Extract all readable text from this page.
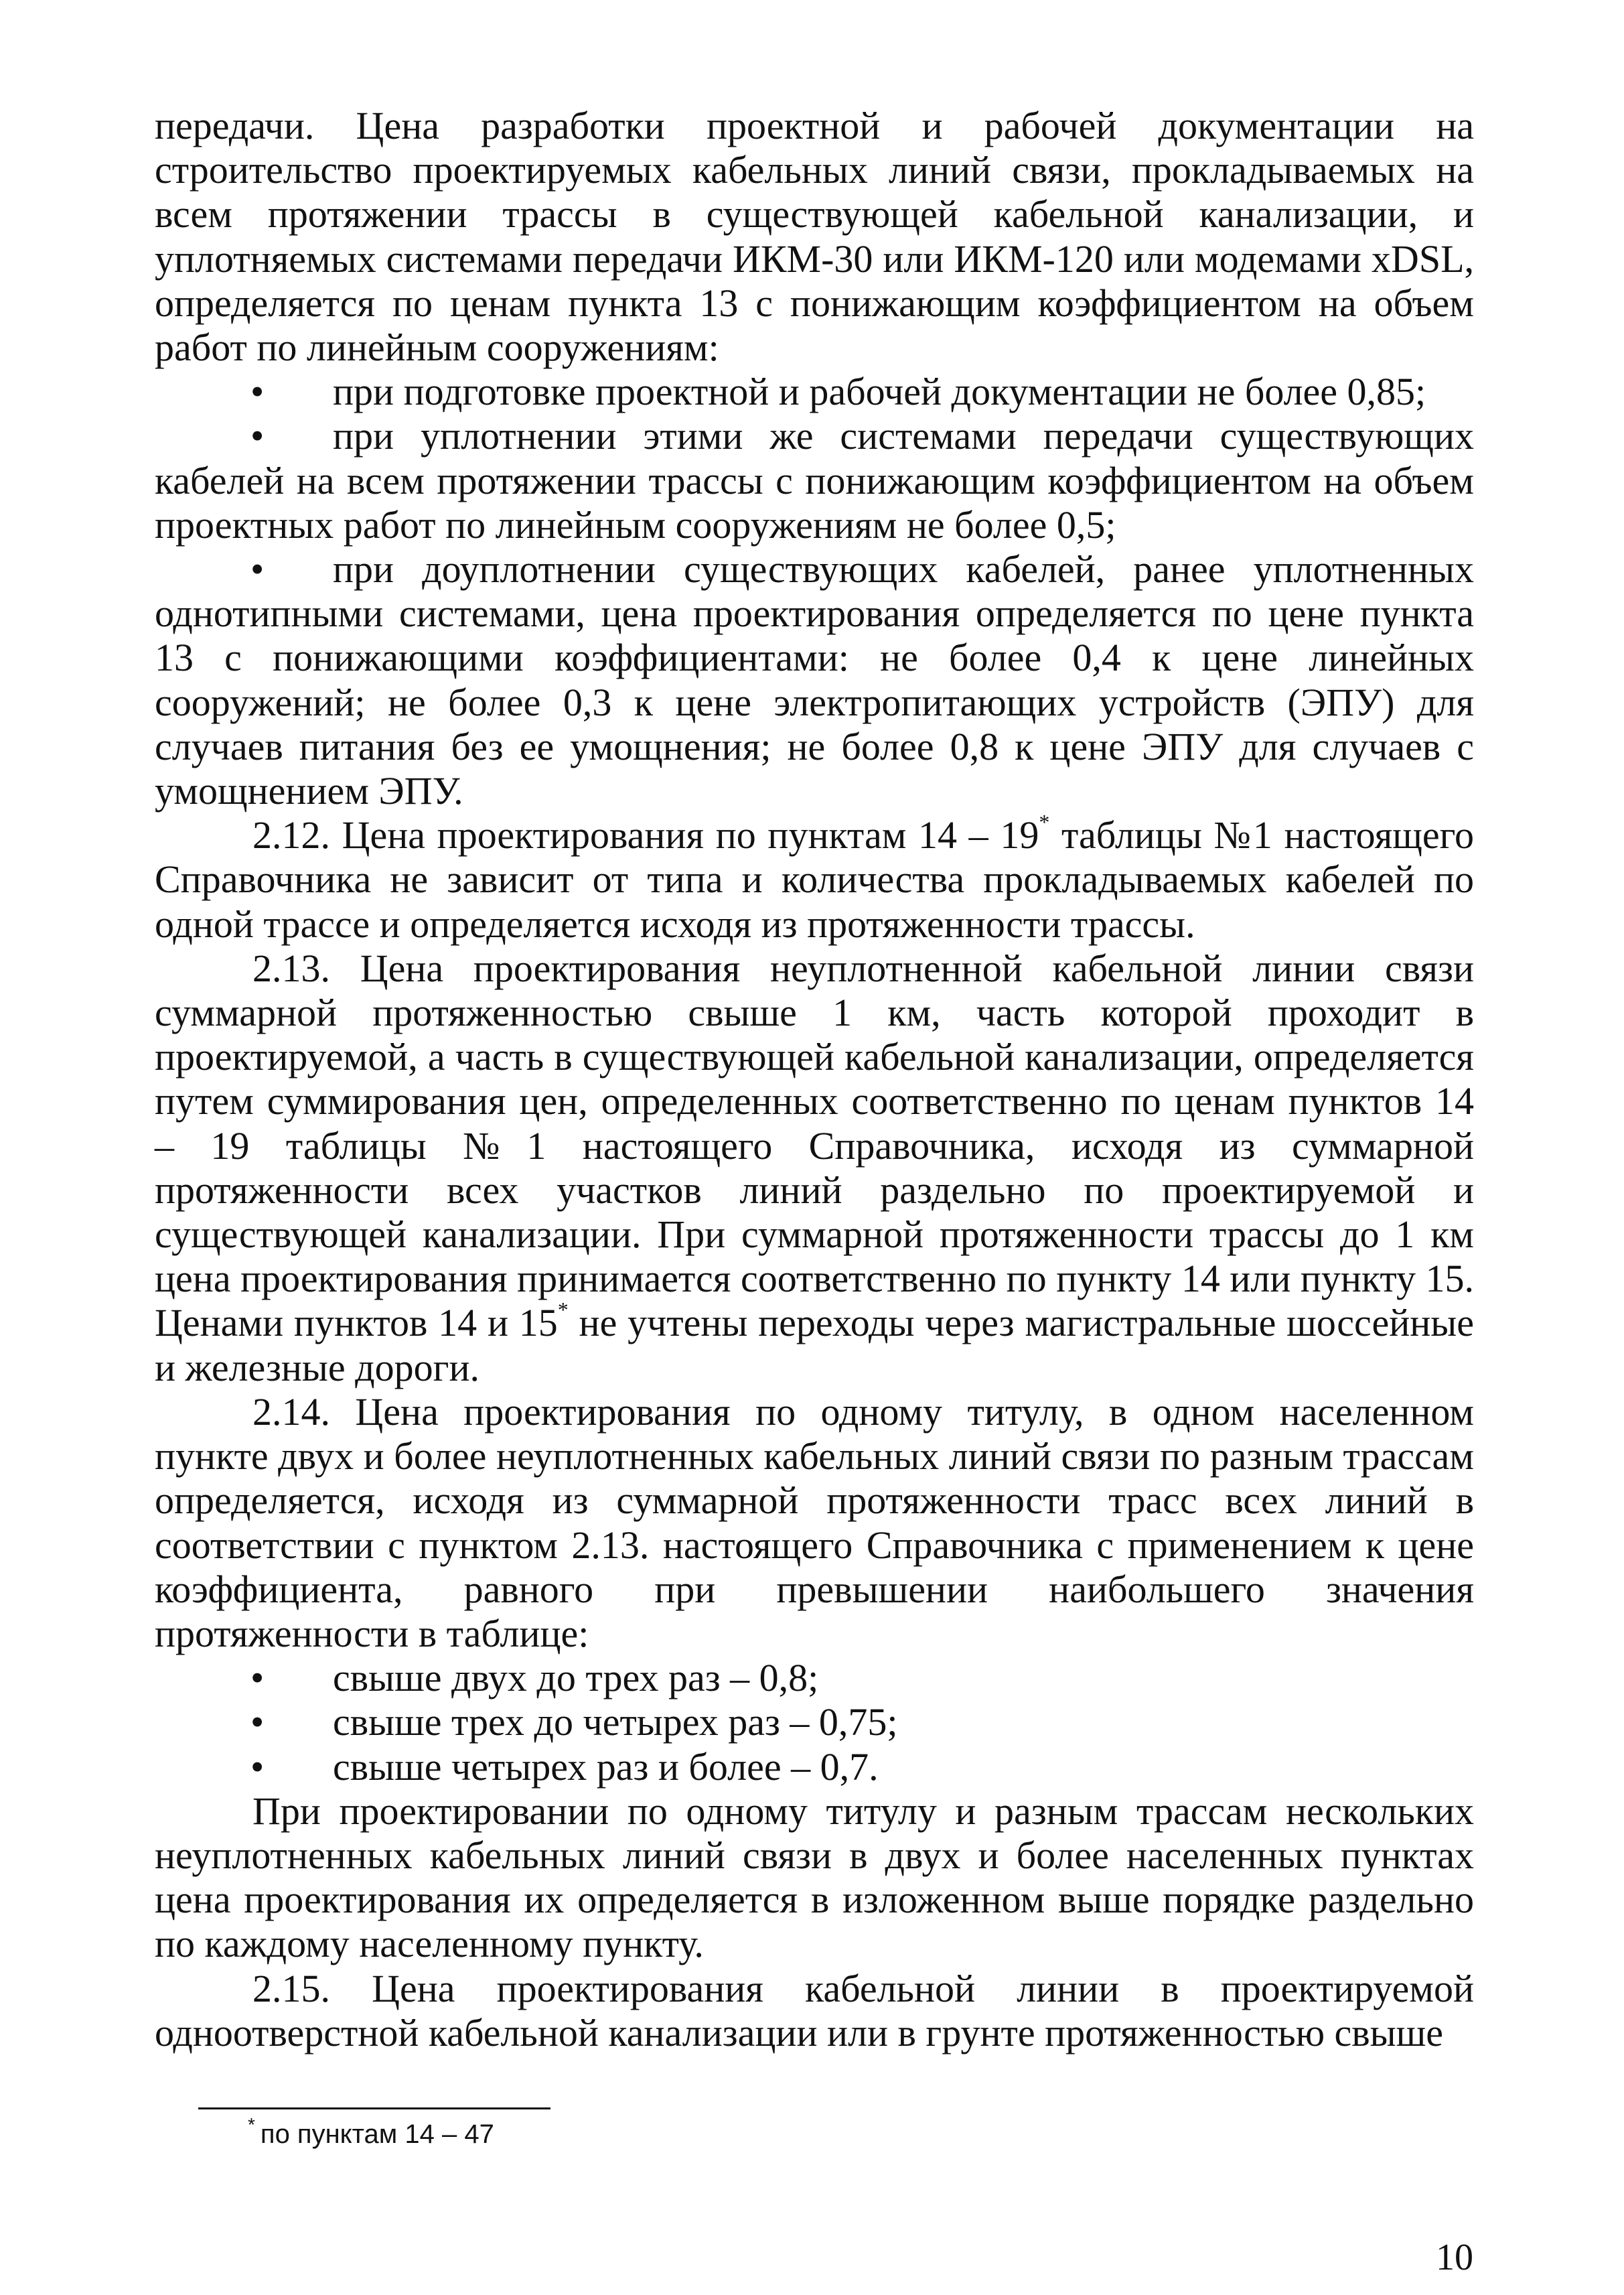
передачи. Цена разработки проектной и рабочей документации на строительство проектируемых кабельных линий связи, прокладываемых на всем протяжении трассы в существующей кабельной канализации, и уплотняемых системами передачи ИКМ-30 или ИКМ-120 или модемами xDSL, определяется по ценам пункта 13 с понижающим коэффициентом на объем работ по линейным сооружениям:

• при подготовке проектной и рабочей документации не более 0,85;

• при уплотнении этими же системами передачи существующих кабелей на всем протяжении трассы с понижающим коэффициентом на объем проектных работ по линейным сооружениям не более 0,5;

• при доуплотнении существующих кабелей, ранее уплотненных однотипными системами, цена проектирования определяется по цене пункта 13 с понижающими коэффициентами: не более 0,4 к цене линейных сооружений; не более 0,3 к цене электропитающих устройств (ЭПУ) для случаев питания без ее умощнения; не более 0,8 к цене ЭПУ для случаев с умощнением ЭПУ.

2.12. Цена проектирования по пунктам 14 – 19* таблицы №1 настоящего Справочника не зависит от типа и количества прокладываемых кабелей по одной трассе и определяется исходя из протяженности трассы.

2.13. Цена проектирования неуплотненной кабельной линии связи суммарной протяженностью свыше 1 км, часть которой проходит в проектируемой, а часть в существующей кабельной канализации, определяется путем суммирования цен, определенных соответственно по ценам пунктов 14 – 19 таблицы №1 настоящего Справочника, исходя из суммарной протяженности всех участков линий раздельно по проектируемой и существующей канализации. При суммарной протяженности трассы до 1 км цена проектирования принимается соответственно по пункту 14 или пункту 15. Ценами пунктов 14 и 15* не учтены переходы через магистральные шоссейные и железные дороги.

2.14. Цена проектирования по одному титулу, в одном населенном пункте двух и более неуплотненных кабельных линий связи по разным трассам определяется, исходя из суммарной протяженности трасс всех линий в соответствии с пунктом 2.13. настоящего Справочника с применением к цене коэффициента, равного при превышении наибольшего значения протяженности в таблице:

• свыше двух до трех раз – 0,8;

• свыше трех до четырех раз – 0,75;

• свыше четырех раз и более – 0,7.

При проектировании по одному титулу и разным трассам нескольких неуплотненных кабельных линий связи в двух и более населенных пунктах цена проектирования их определяется в изложенном выше порядке раздельно по каждому населенному пункту.

2.15. Цена проектирования кабельной линии в проектируемой одноотверстной кабельной канализации или в грунте протяженностью свыше

* по пунктам 14 – 47
10
